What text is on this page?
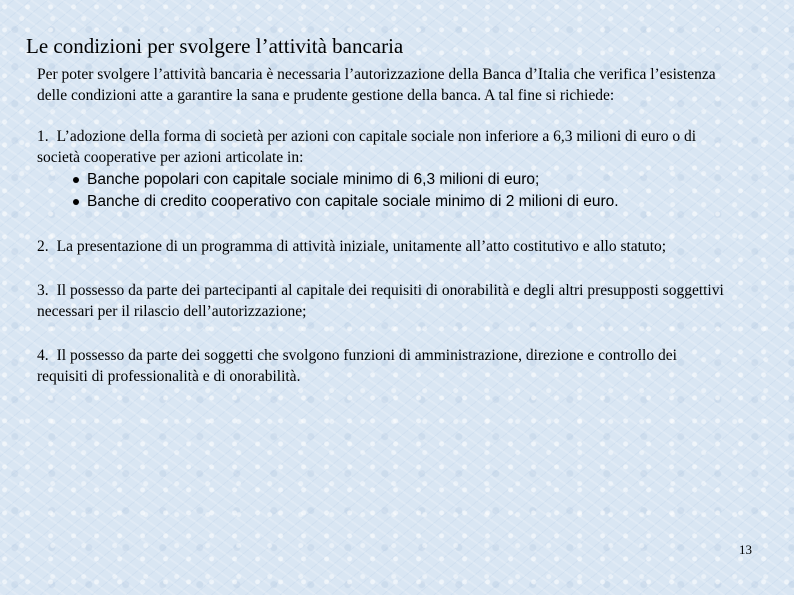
Le condizioni per svolgere l’attività bancaria

Per poter svolgere l’attività bancaria è necessaria l’autorizzazione della Banca d’Italia che verifica l’esistenza delle condizioni atte a garantire la sana e prudente gestione della banca. A tal fine si richiede:

1. L’adozione della forma di società per azioni con capitale sociale non inferiore a 6,3 milioni di euro o di società cooperative per azioni articolate in:

Banche popolari con capitale sociale minimo di 6,3 milioni di euro;
Banche di credito cooperativo con capitale sociale minimo di 2 milioni di euro.

2. La presentazione di un programma di attività iniziale, unitamente all’atto costitutivo e allo statuto;

3. Il possesso da parte dei partecipanti al capitale dei requisiti di onorabilità e degli altri presupposti soggettivi necessari per il rilascio dell’autorizzazione;

4. Il possesso da parte dei soggetti che svolgono funzioni di amministrazione, direzione e controllo dei requisiti di professionalità e di onorabilità.

13
